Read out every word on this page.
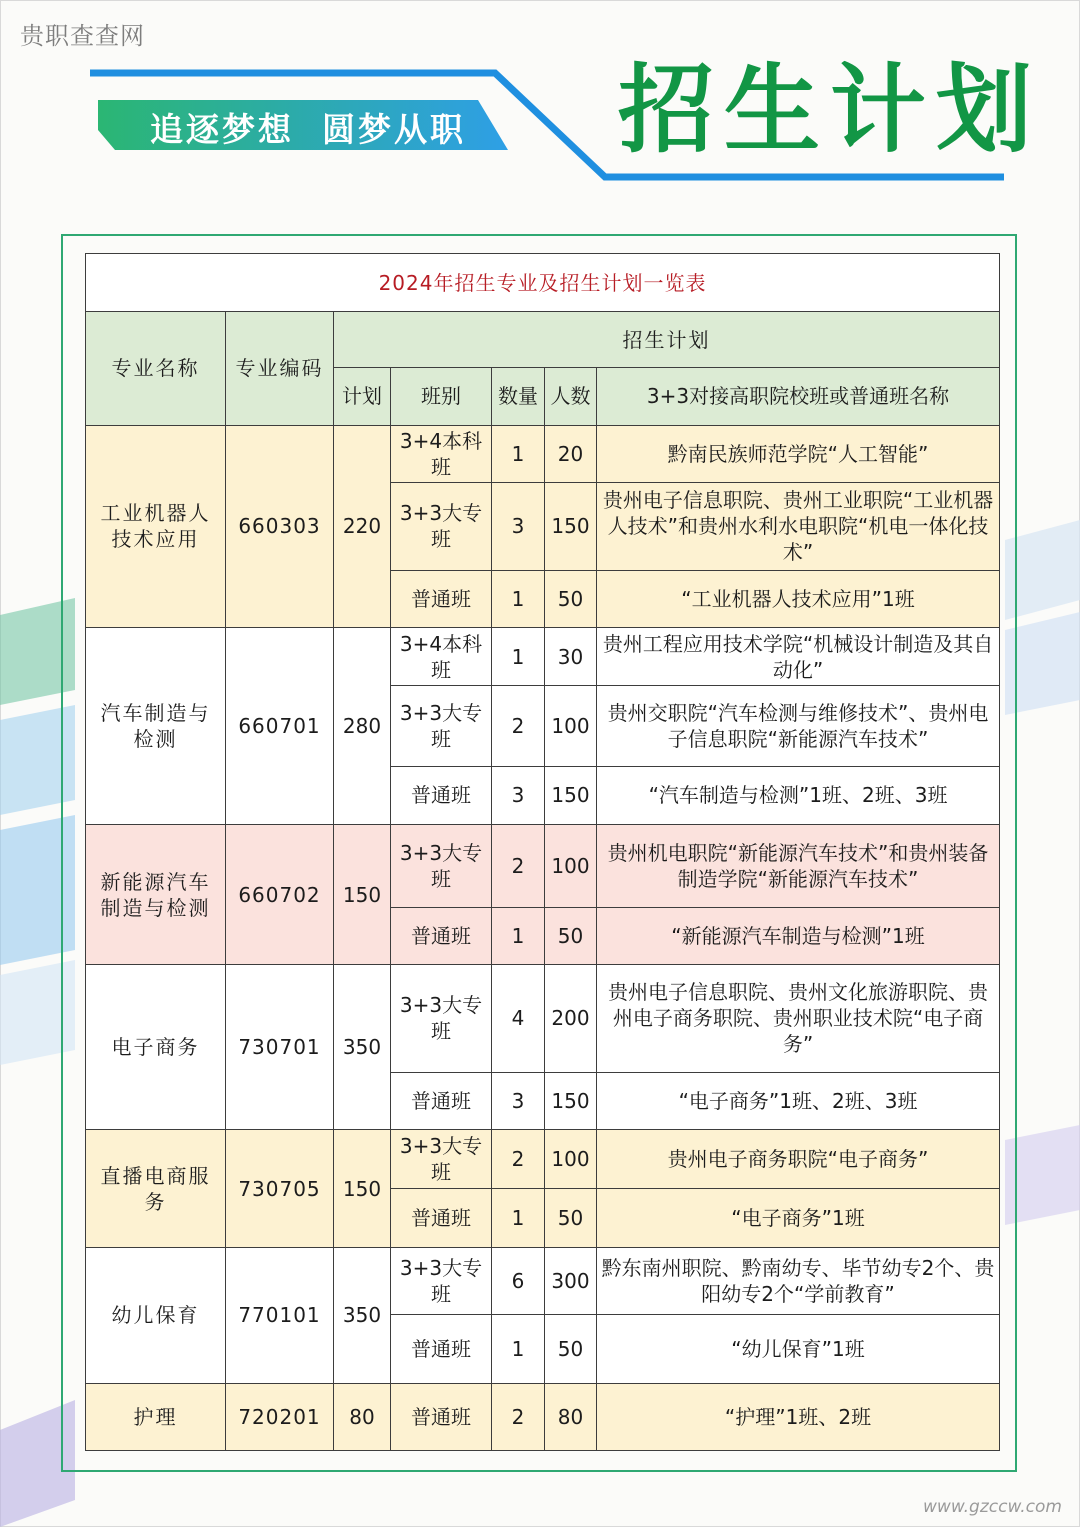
贵职查查网
追逐梦想 圆梦从职 招生计划
2024年招生专业及招生计划一览表						
专业名称	专业编码	招生计划				
		计划	班别	数量	人数	3+3对接高职院校班或普通班名称
工业机器人技术应用	660303	220	3+4本科班	1	20	黔南民族师范学院“人工智能”
			3+3大专班	3	150	贵州电子信息职院、贵州工业职院“工业机器人技术”和贵州水利水电职院“机电一体化技术”
			普通班	1	50	“工业机器人技术应用”1班
汽车制造与检测	660701	280	3+4本科班	1	30	贵州工程应用技术学院“机械设计制造及其自动化”
			3+3大专班	2	100	贵州交职院“汽车检测与维修技术”、贵州电子信息职院“新能源汽车技术”
			普通班	3	150	“汽车制造与检测”1班、2班、3班
新能源汽车制造与检测	660702	150	3+3大专班	2	100	贵州机电职院“新能源汽车技术”和贵州装备制造学院“新能源汽车技术”
			普通班	1	50	“新能源汽车制造与检测”1班
电子商务	730701	350	3+3大专班	4	200	贵州电子信息职院、贵州文化旅游职院、贵州电子商务职院、贵州职业技术院“电子商务”
			普通班	3	150	“电子商务”1班、2班、3班
直播电商服务	730705	150	3+3大专班	2	100	贵州电子商务职院“电子商务”
			普通班	1	50	“电子商务”1班
幼儿保育	770101	350	3+3大专班	6	300	黔东南州职院、黔南幼专、毕节幼专2个、贵阳幼专2个“学前教育”
			普通班	1	50	“幼儿保育”1班
护理	720201	80	普通班	2	80	“护理”1班、2班
www.gzccw.com
